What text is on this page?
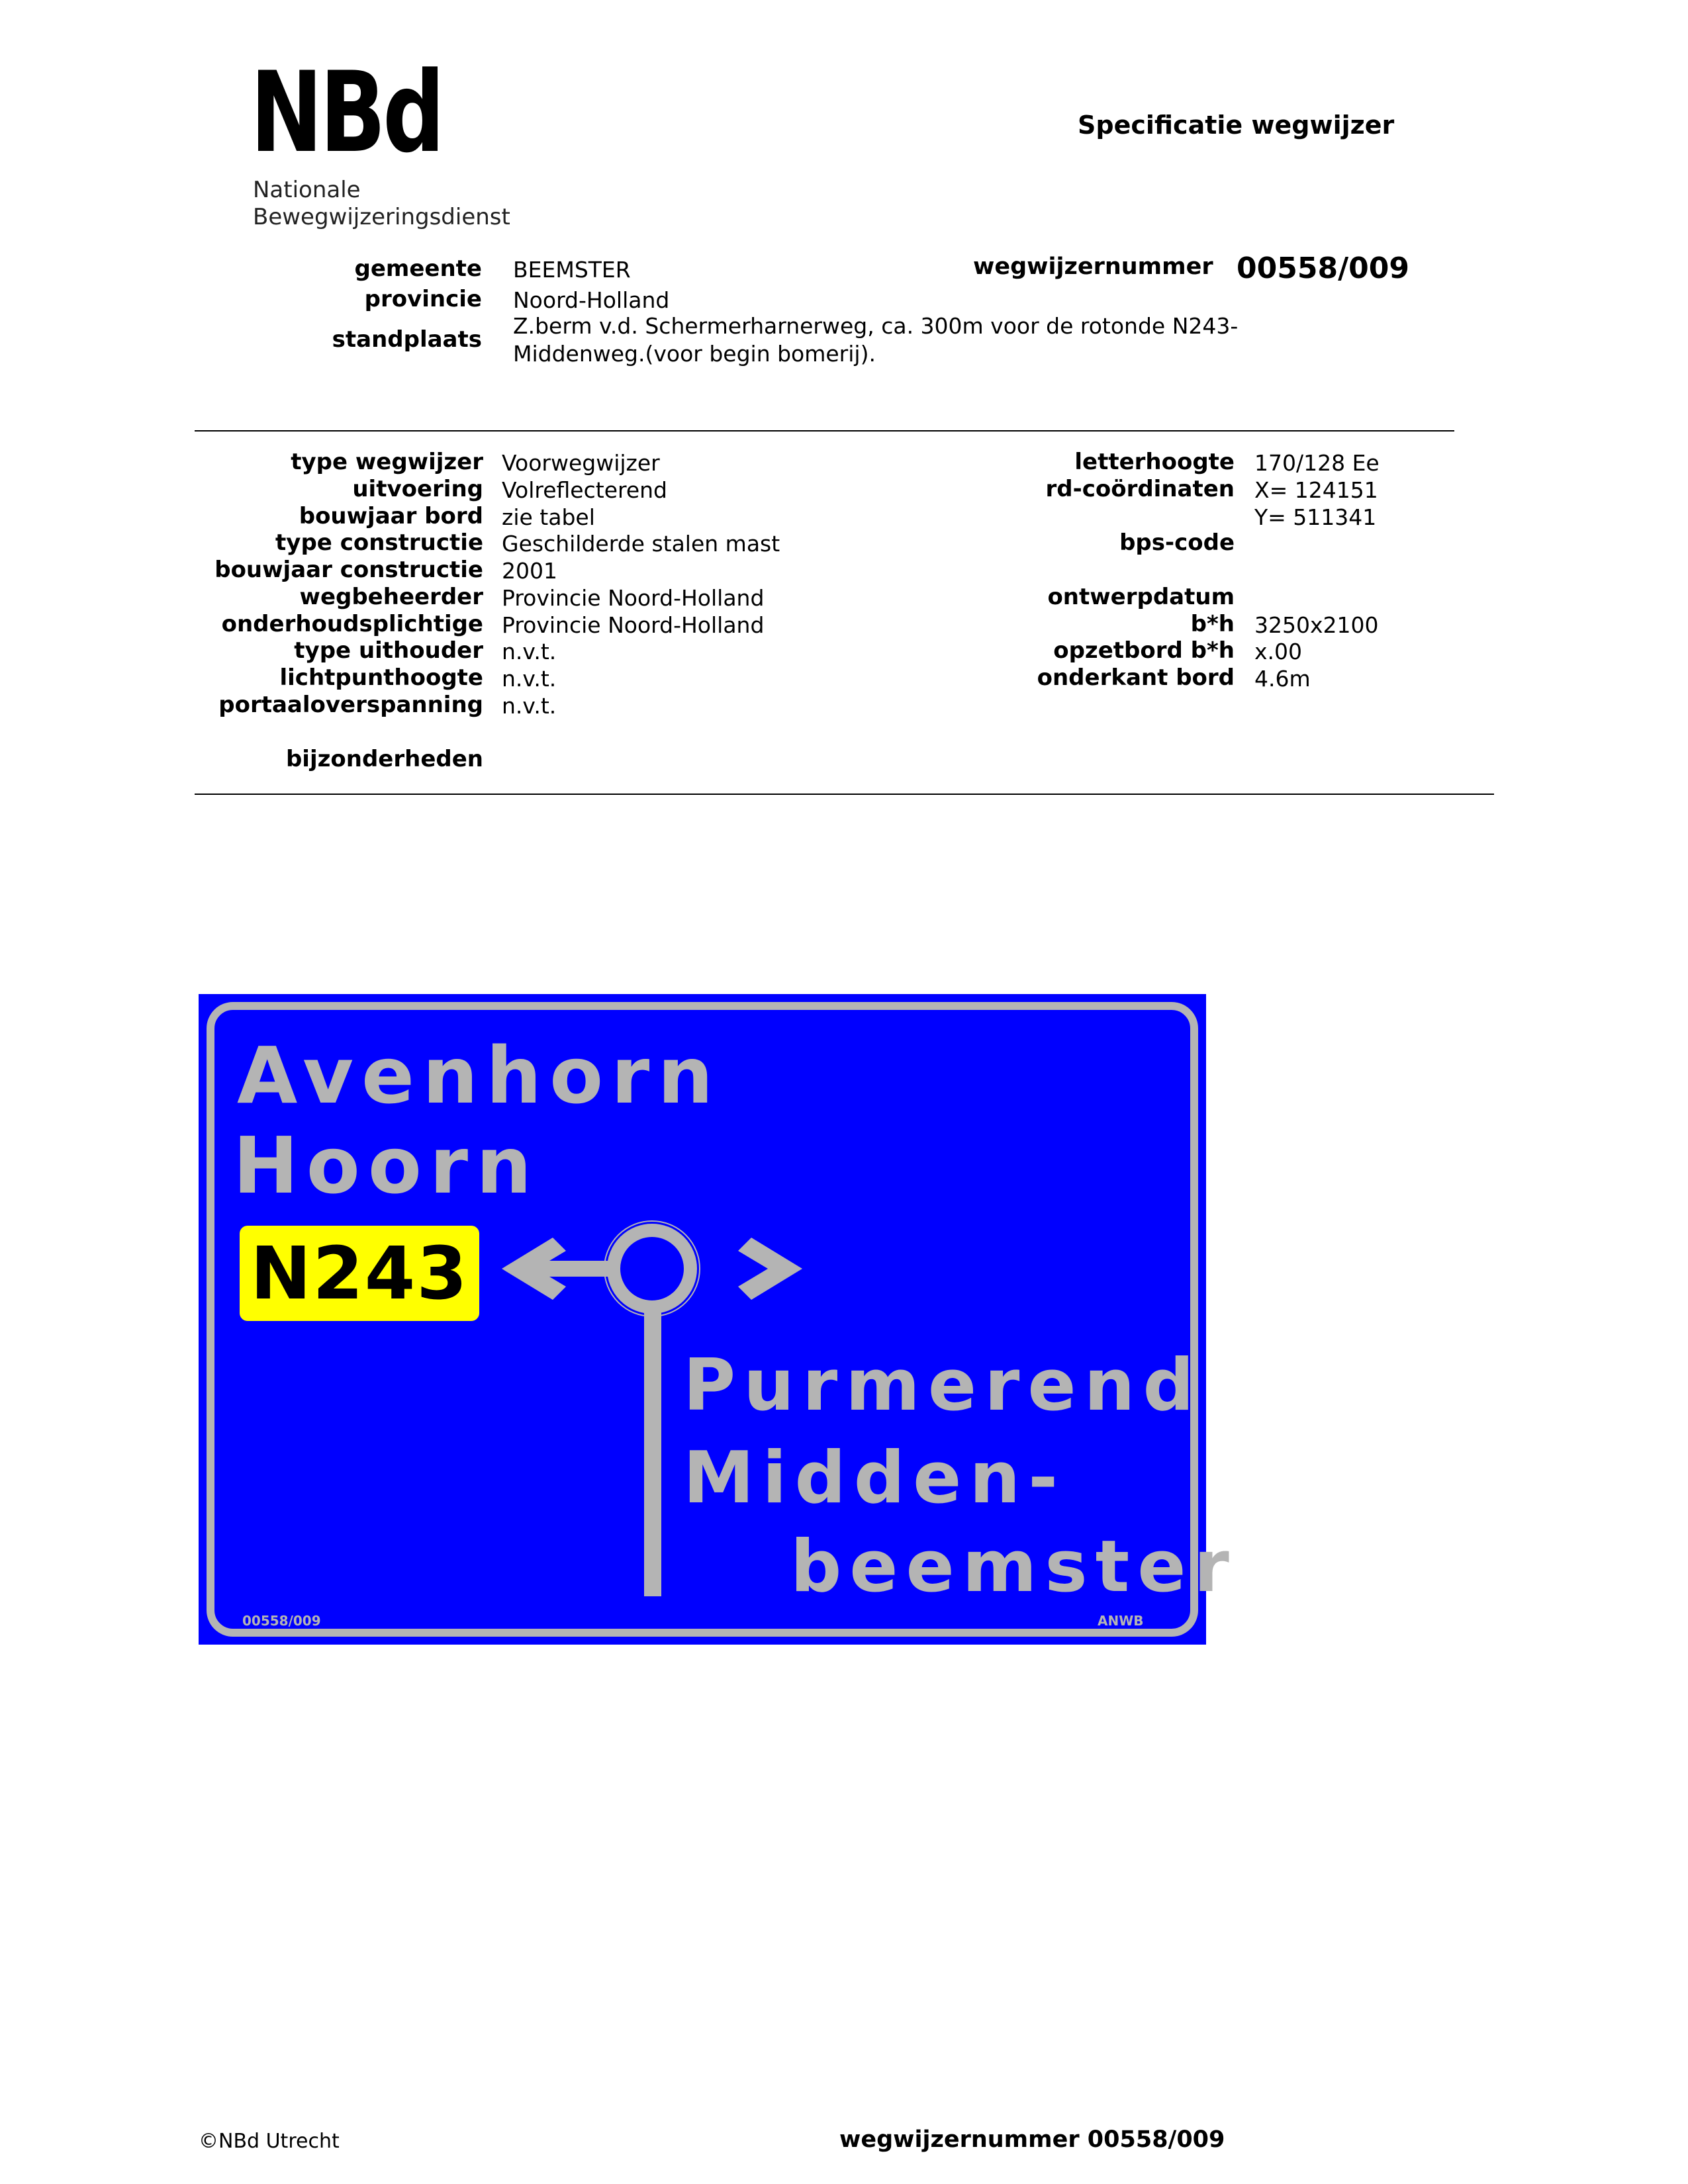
NBd
Nationale
Bewegwijzeringsdienst
Specificatie wegwijzer
gemeente BEEMSTER
provincie Noord-Holland
standplaats
Z.berm v.d. Schermerharnerweg, ca. 300m voor de rotonde N243-
Middenweg.(voor begin bomerij).
wegwijzernummer 00558/009
type wegwijzer Voorwegwijzer
uitvoering Volreflecterend
bouwjaar bord zie tabel
type constructie Geschilderde stalen mast
bouwjaar constructie 2001
wegbeheerder Provincie Noord-Holland
onderhoudsplichtige Provincie Noord-Holland
type uithouder n.v.t.
lichtpunthoogte n.v.t.
portaaloverspanning n.v.t.
bijzonderheden
letterhoogte 170/128 Ee
rd-coördinaten X= 124151
Y= 511341
bps-code
ontwerpdatum
b*h 3250x2100
opzetbord b*h x.00
onderkant bord 4.6m
Avenhorn
Hoorn
N243
Purmerend
Midden-
beemster
00558/009	ANWB
©NBd Utrecht	wegwijzernummer 00558/009
